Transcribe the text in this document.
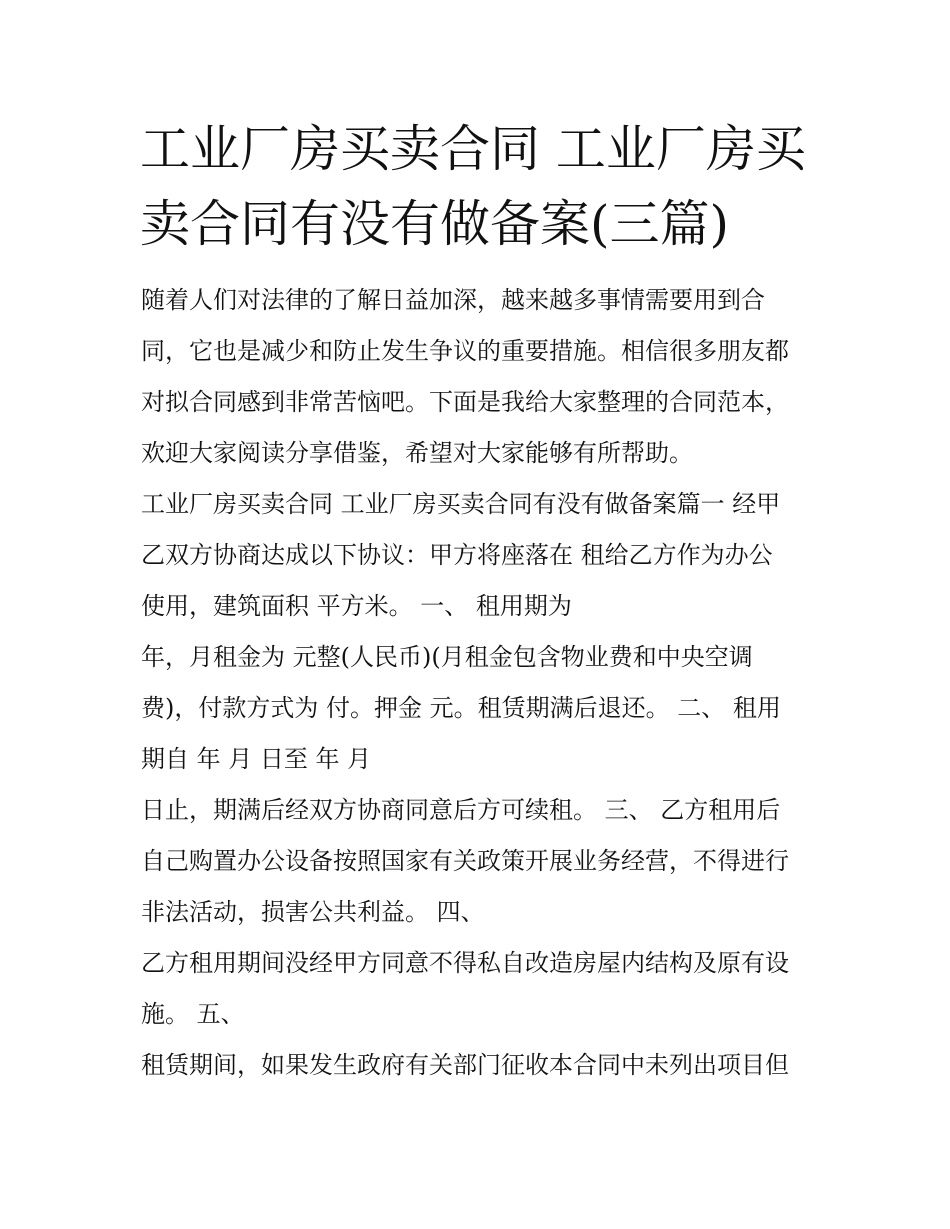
工业厂房买卖合同 工业厂房买
卖合同有没有做备案(三篇)

随着人们对法律的了解日益加深，越来越多事情需要用到合

同，它也是减少和防止发生争议的重要措施。相信很多朋友都

对拟合同感到非常苦恼吧。下面是我给大家整理的合同范本，

欢迎大家阅读分享借鉴，希望对大家能够有所帮助。

工业厂房买卖合同 工业厂房买卖合同有没有做备案篇一 经甲

乙双方协商达成以下协议：甲方将座落在 租给乙方作为办公

使用，建筑面积 平方米。 一、 租用期为

年，月租金为 元整(人民币)(月租金包含物业费和中央空调

费)，付款方式为 付。押金 元。租赁期满后退还。 二、 租用

期自 年 月 日至 年 月

日止，期满后经双方协商同意后方可续租。 三、 乙方租用后

自己购置办公设备按照国家有关政策开展业务经营，不得进行

非法活动，损害公共利益。 四、

乙方租用期间没经甲方同意不得私自改造房屋内结构及原有设

施。 五、

租赁期间，如果发生政府有关部门征收本合同中未列出项目但
